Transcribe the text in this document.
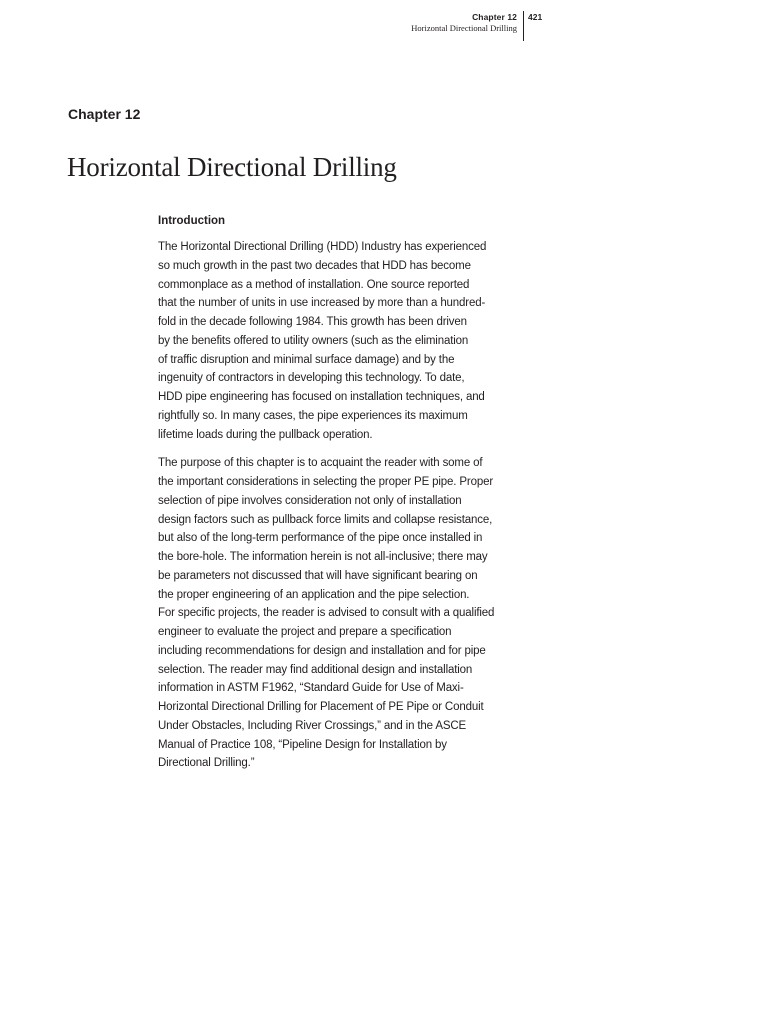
Chapter 12
Horizontal Directional Drilling
421
Chapter 12
Horizontal Directional Drilling
Introduction

The Horizontal Directional Drilling (HDD) Industry has experienced
so much growth in the past two decades that HDD has become
commonplace as a method of installation. One source reported
that the number of units in use increased by more than a hundred-
fold in the decade following 1984. This growth has been driven
by the benefits offered to utility owners (such as the elimination
of traffic disruption and minimal surface damage) and by the
ingenuity of contractors in developing this technology. To date,
HDD pipe engineering has focused on installation techniques, and
rightfully so. In many cases, the pipe experiences its maximum
lifetime loads during the pullback operation.

The purpose of this chapter is to acquaint the reader with some of
the important considerations in selecting the proper PE pipe. Proper
selection of pipe involves consideration not only of installation
design factors such as pullback force limits and collapse resistance,
but also of the long-term performance of the pipe once installed in
the bore-hole. The information herein is not all-inclusive; there may
be parameters not discussed that will have significant bearing on
the proper engineering of an application and the pipe selection.
For specific projects, the reader is advised to consult with a qualified
engineer to evaluate the project and prepare a specification
including recommendations for design and installation and for pipe
selection. The reader may find additional design and installation
information in ASTM F1962, “Standard Guide for Use of Maxi-
Horizontal Directional Drilling for Placement of PE Pipe or Conduit
Under Obstacles, Including River Crossings,” and in the ASCE
Manual of Practice 108, “Pipeline Design for Installation by
Directional Drilling.”
